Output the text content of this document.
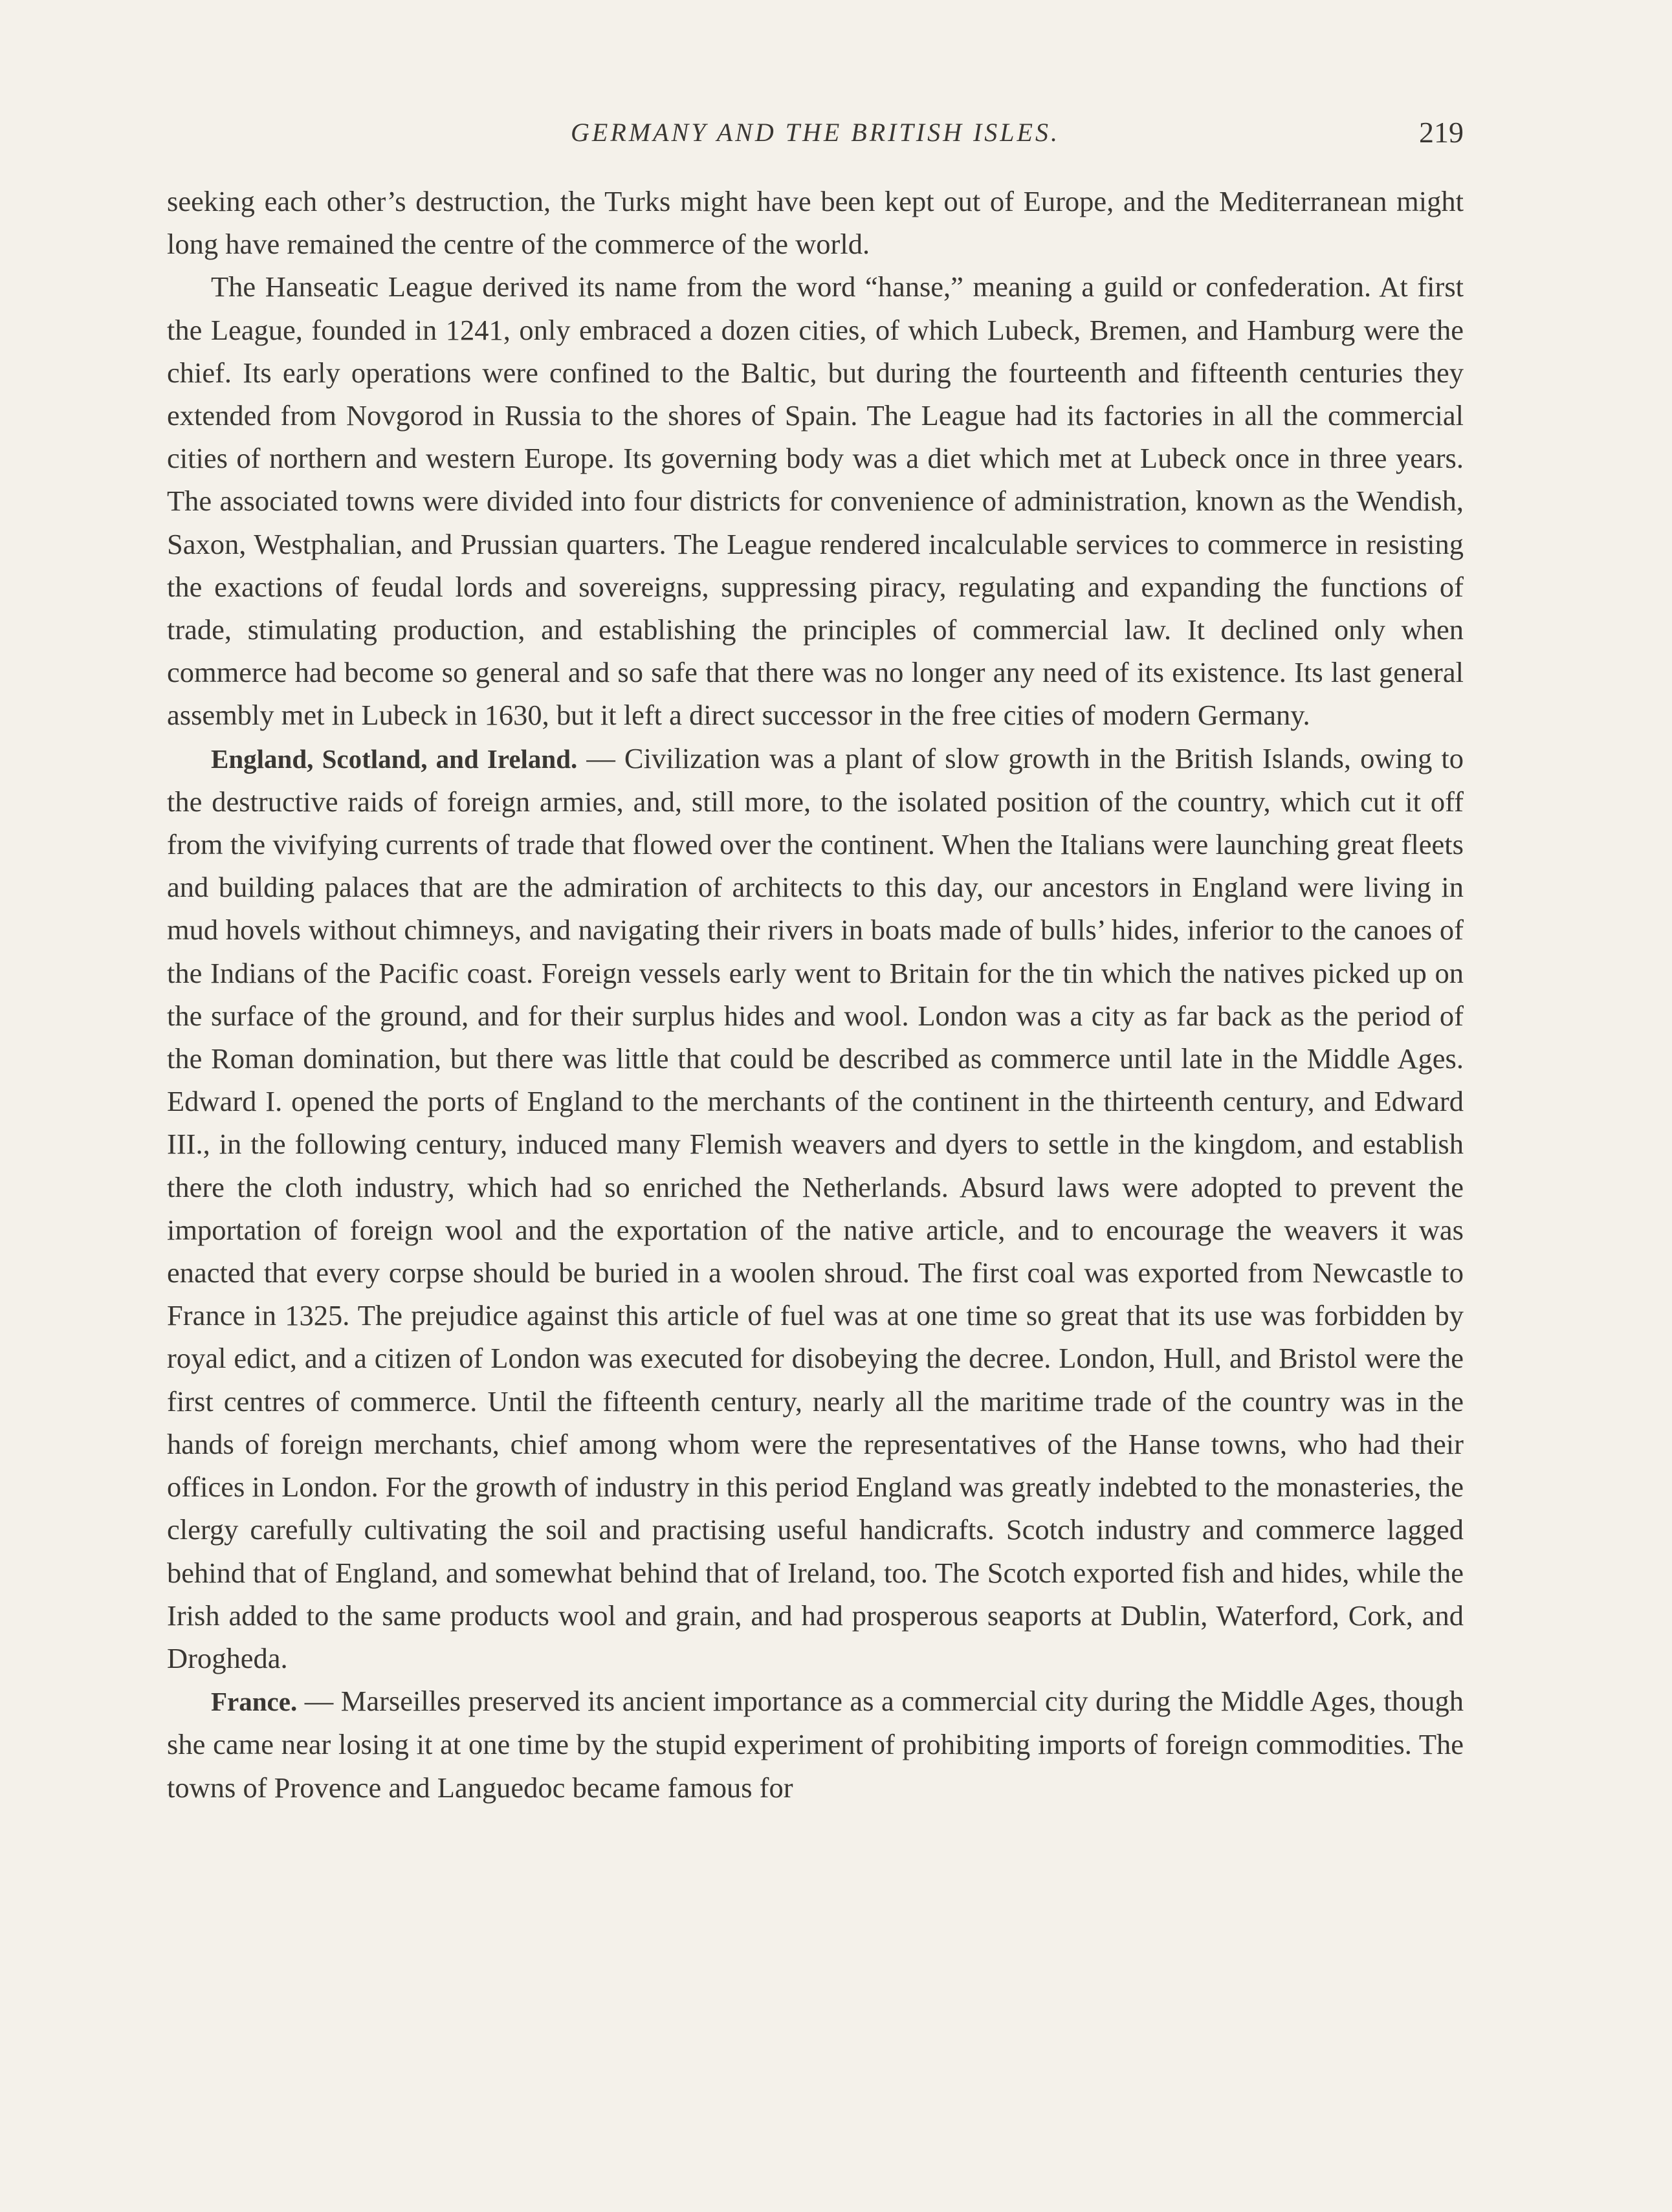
GERMANY AND THE BRITISH ISLES.	219

seeking each other’s destruction, the Turks might have been kept out of Europe, and the Mediterranean might long have remained the centre of the commerce of the world.

The Hanseatic League derived its name from the word “hanse,” meaning a guild or confederation. At first the League, founded in 1241, only embraced a dozen cities, of which Lubeck, Bremen, and Hamburg were the chief. Its early operations were confined to the Baltic, but during the fourteenth and fifteenth centuries they extended from Novgorod in Russia to the shores of Spain. The League had its factories in all the commercial cities of northern and western Europe. Its governing body was a diet which met at Lubeck once in three years. The associated towns were divided into four districts for convenience of administration, known as the Wendish, Saxon, Westphalian, and Prussian quarters. The League rendered incalculable services to commerce in resisting the exactions of feudal lords and sovereigns, suppressing piracy, regulating and expanding the functions of trade, stimulating production, and establishing the principles of commercial law. It declined only when commerce had become so general and so safe that there was no longer any need of its existence. Its last general assembly met in Lubeck in 1630, but it left a direct successor in the free cities of modern Germany.

England, Scotland, and Ireland. — Civilization was a plant of slow growth in the British Islands, owing to the destructive raids of foreign armies, and, still more, to the isolated position of the country, which cut it off from the vivifying currents of trade that flowed over the continent. When the Italians were launching great fleets and building palaces that are the admiration of architects to this day, our ancestors in England were living in mud hovels without chimneys, and navigating their rivers in boats made of bulls’ hides, inferior to the canoes of the Indians of the Pacific coast. Foreign vessels early went to Britain for the tin which the natives picked up on the surface of the ground, and for their surplus hides and wool. London was a city as far back as the period of the Roman domination, but there was little that could be described as commerce until late in the Middle Ages. Edward I. opened the ports of England to the merchants of the continent in the thirteenth century, and Edward III., in the following century, induced many Flemish weavers and dyers to settle in the kingdom, and establish there the cloth industry, which had so enriched the Netherlands. Absurd laws were adopted to prevent the importation of foreign wool and the exportation of the native article, and to encourage the weavers it was enacted that every corpse should be buried in a woolen shroud. The first coal was exported from Newcastle to France in 1325. The prejudice against this article of fuel was at one time so great that its use was forbidden by royal edict, and a citizen of London was executed for disobeying the decree. London, Hull, and Bristol were the first centres of commerce. Until the fifteenth century, nearly all the maritime trade of the country was in the hands of foreign merchants, chief among whom were the representatives of the Hanse towns, who had their offices in London. For the growth of industry in this period England was greatly indebted to the monasteries, the clergy carefully cultivating the soil and practising useful handicrafts. Scotch industry and commerce lagged behind that of England, and somewhat behind that of Ireland, too. The Scotch exported fish and hides, while the Irish added to the same products wool and grain, and had prosperous seaports at Dublin, Waterford, Cork, and Drogheda.

France. — Marseilles preserved its ancient importance as a commercial city during the Middle Ages, though she came near losing it at one time by the stupid experiment of prohibiting imports of foreign commodities. The towns of Provence and Languedoc became famous for
